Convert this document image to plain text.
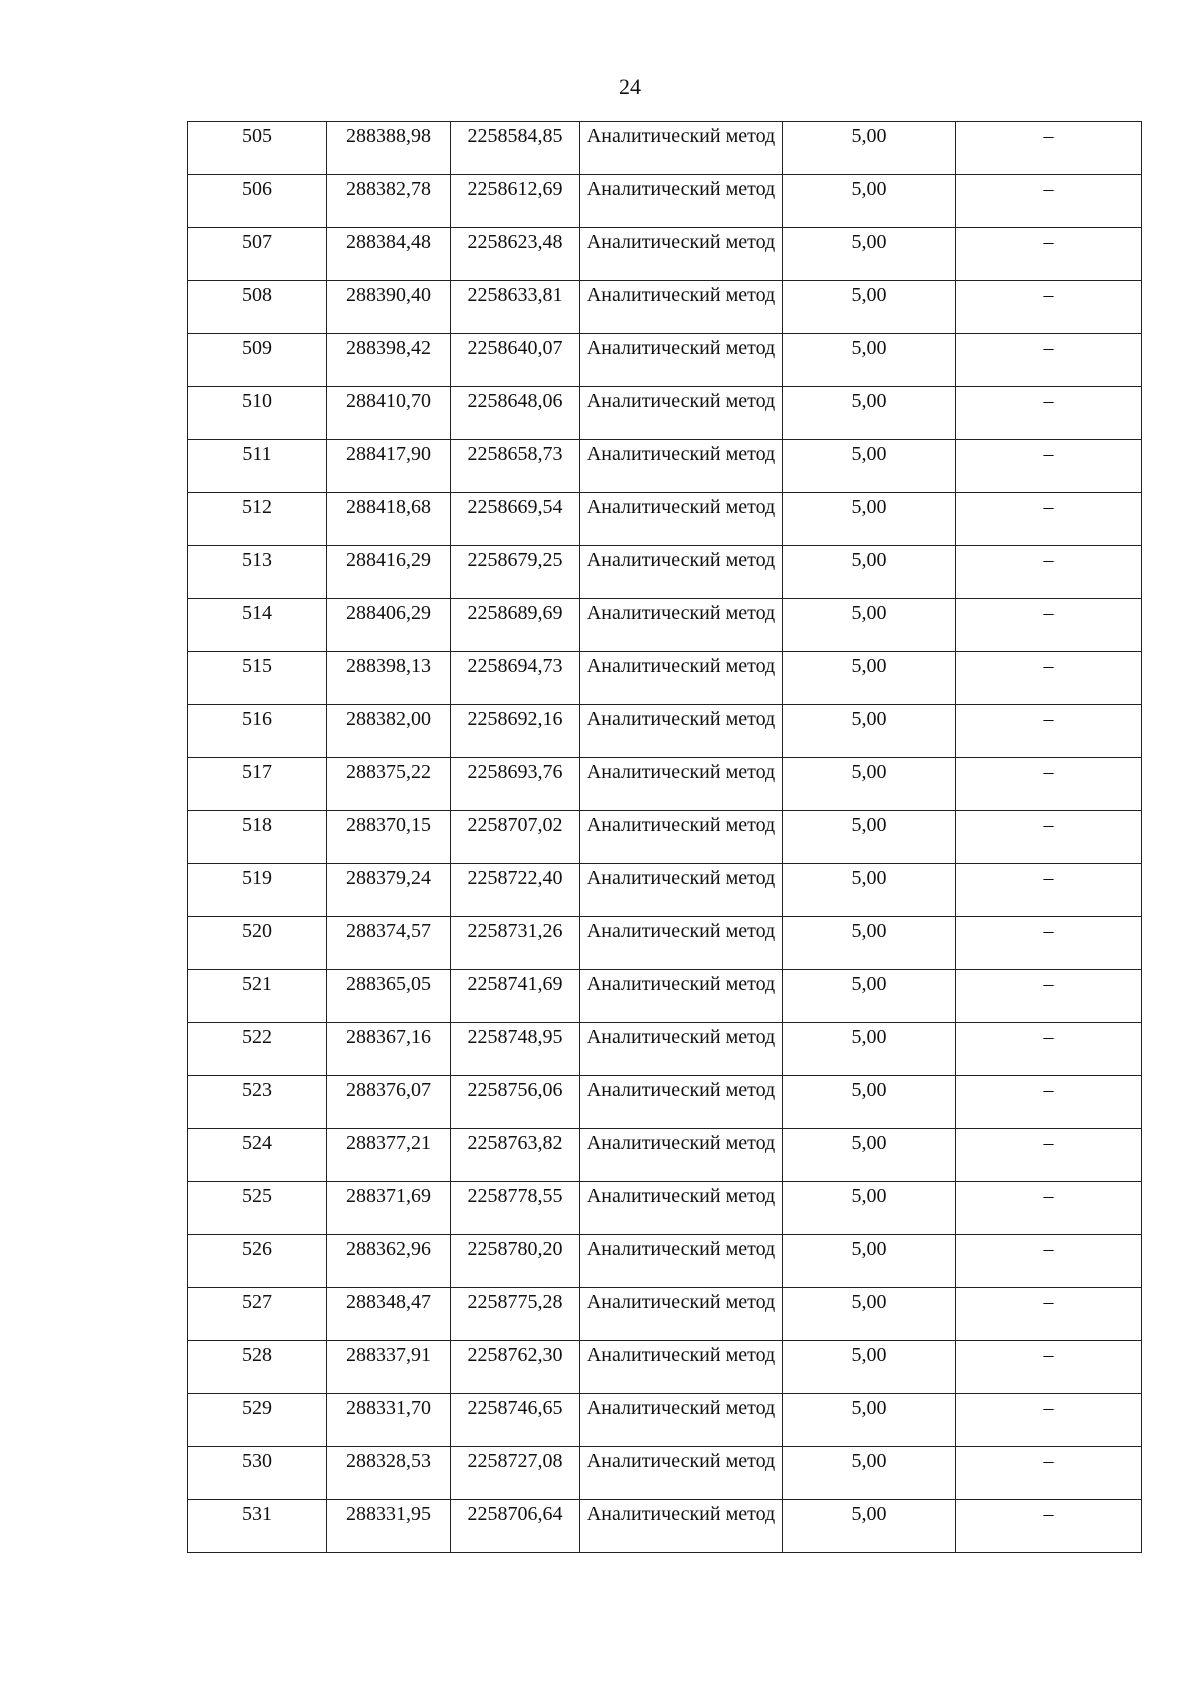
24
505	288388,98	2258584,85	Аналитический метод	5,00	–
506	288382,78	2258612,69	Аналитический метод	5,00	–
507	288384,48	2258623,48	Аналитический метод	5,00	–
508	288390,40	2258633,81	Аналитический метод	5,00	–
509	288398,42	2258640,07	Аналитический метод	5,00	–
510	288410,70	2258648,06	Аналитический метод	5,00	–
511	288417,90	2258658,73	Аналитический метод	5,00	–
512	288418,68	2258669,54	Аналитический метод	5,00	–
513	288416,29	2258679,25	Аналитический метод	5,00	–
514	288406,29	2258689,69	Аналитический метод	5,00	–
515	288398,13	2258694,73	Аналитический метод	5,00	–
516	288382,00	2258692,16	Аналитический метод	5,00	–
517	288375,22	2258693,76	Аналитический метод	5,00	–
518	288370,15	2258707,02	Аналитический метод	5,00	–
519	288379,24	2258722,40	Аналитический метод	5,00	–
520	288374,57	2258731,26	Аналитический метод	5,00	–
521	288365,05	2258741,69	Аналитический метод	5,00	–
522	288367,16	2258748,95	Аналитический метод	5,00	–
523	288376,07	2258756,06	Аналитический метод	5,00	–
524	288377,21	2258763,82	Аналитический метод	5,00	–
525	288371,69	2258778,55	Аналитический метод	5,00	–
526	288362,96	2258780,20	Аналитический метод	5,00	–
527	288348,47	2258775,28	Аналитический метод	5,00	–
528	288337,91	2258762,30	Аналитический метод	5,00	–
529	288331,70	2258746,65	Аналитический метод	5,00	–
530	288328,53	2258727,08	Аналитический метод	5,00	–
531	288331,95	2258706,64	Аналитический метод	5,00	–
